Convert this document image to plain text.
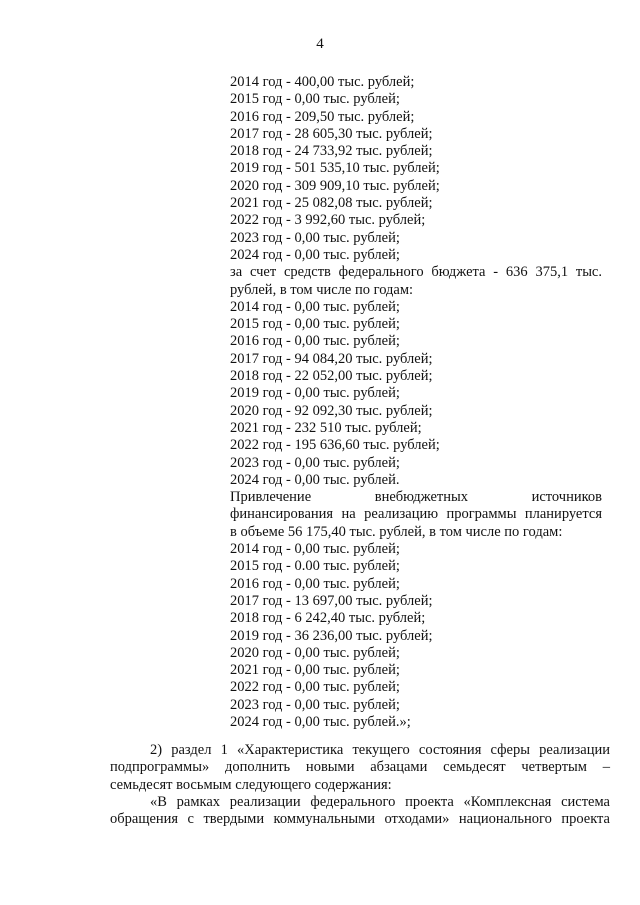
4
2014 год - 400,00 тыс. рублей;
2015 год - 0,00 тыс. рублей;
2016 год - 209,50 тыс. рублей;
2017 год - 28 605,30 тыс. рублей;
2018 год - 24 733,92 тыс. рублей;
2019 год - 501 535,10 тыс. рублей;
2020 год - 309 909,10 тыс. рублей;
2021 год - 25 082,08 тыс. рублей;
2022 год - 3 992,60 тыс. рублей;
2023 год - 0,00 тыс. рублей;
2024 год - 0,00 тыс. рублей;
за счет средств федерального бюджета - 636 375,1 тыс.
рублей, в том числе по годам:
2014 год - 0,00 тыс. рублей;
2015 год - 0,00 тыс. рублей;
2016 год - 0,00 тыс. рублей;
2017 год - 94 084,20 тыс. рублей;
2018 год - 22 052,00 тыс. рублей;
2019 год - 0,00 тыс. рублей;
2020 год - 92 092,30 тыс. рублей;
2021 год - 232 510 тыс. рублей;
2022 год - 195 636,60 тыс. рублей;
2023 год - 0,00 тыс. рублей;
2024 год - 0,00 тыс. рублей.
Привлечение внебюджетных источников
финансирования на реализацию программы планируется
в объеме 56 175,40 тыс. рублей, в том числе по годам:
2014 год - 0,00 тыс. рублей;
2015 год - 0.00 тыс. рублей;
2016 год - 0,00 тыс. рублей;
2017 год - 13 697,00 тыс. рублей;
2018 год - 6 242,40 тыс. рублей;
2019 год - 36 236,00 тыс. рублей;
2020 год - 0,00 тыс. рублей;
2021 год - 0,00 тыс. рублей;
2022 год - 0,00 тыс. рублей;
2023 год - 0,00 тыс. рублей;
2024 год - 0,00 тыс. рублей.»;
2) раздел 1 «Характеристика текущего состояния сферы реализации
подпрограммы» дополнить новыми абзацами семьдесят четвертым –
семьдесят восьмым следующего содержания:
«В рамках реализации федерального проекта «Комплексная система
обращения с твердыми коммунальными отходами» национального проекта
